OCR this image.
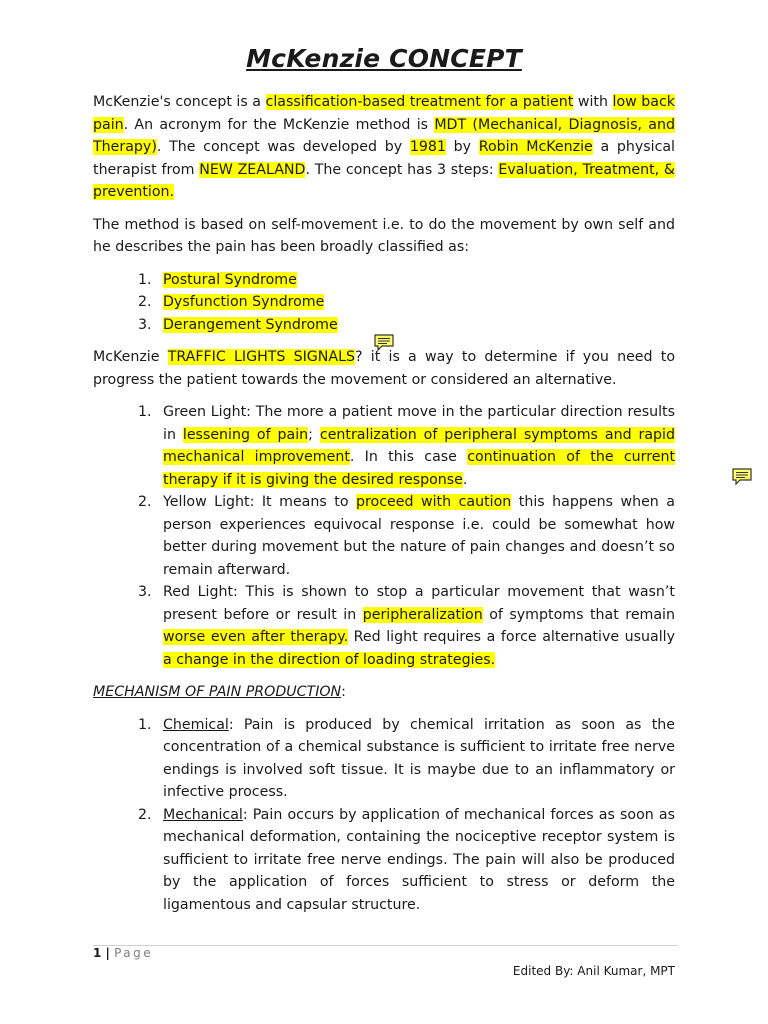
McKenzie CONCEPT

McKenzie's concept is a classification-based treatment for a patient with low back pain. An acronym for the McKenzie method is MDT (Mechanical, Diagnosis, and Therapy). The concept was developed by 1981 by Robin McKenzie a physical therapist from NEW ZEALAND. The concept has 3 steps: Evaluation, Treatment, & prevention.

The method is based on self-movement i.e. to do the movement by own self and he describes the pain has been broadly classified as:

1. Postural Syndrome
2. Dysfunction Syndrome
3. Derangement Syndrome

McKenzie TRAFFIC LIGHTS SIGNALS? it is a way to determine if you need to progress the patient towards the movement or considered an alternative.

1. Green Light: The more a patient move in the particular direction results in lessening of pain; centralization of peripheral symptoms and rapid mechanical improvement. In this case continuation of the current therapy if it is giving the desired response.
2. Yellow Light: It means to proceed with caution this happens when a person experiences equivocal response i.e. could be somewhat how better during movement but the nature of pain changes and doesn’t so remain afterward.
3. Red Light: This is shown to stop a particular movement that wasn’t present before or result in peripheralization of symptoms that remain worse even after therapy. Red light requires a force alternative usually a change in the direction of loading strategies.

MECHANISM OF PAIN PRODUCTION:

1. Chemical: Pain is produced by chemical irritation as soon as the concentration of a chemical substance is sufficient to irritate free nerve endings is involved soft tissue. It is maybe due to an inflammatory or infective process.
2. Mechanical: Pain occurs by application of mechanical forces as soon as mechanical deformation, containing the nociceptive receptor system is sufficient to irritate free nerve endings. The pain will also be produced by the application of forces sufficient to stress or deform the ligamentous and capsular structure.
1 | Page
Edited By: Anil Kumar, MPT
